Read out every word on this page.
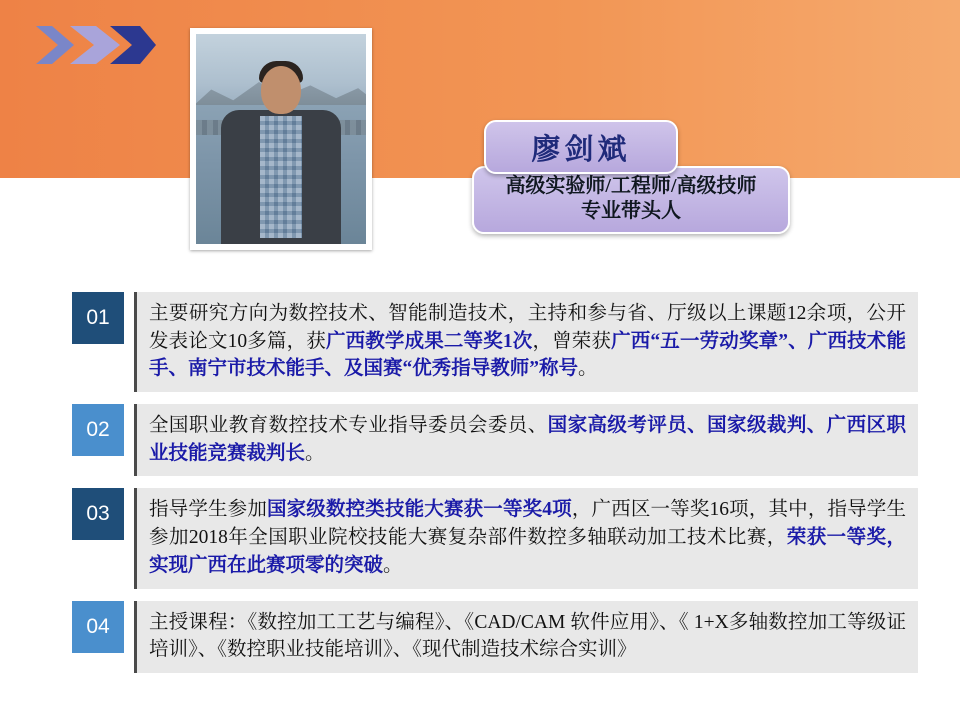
廖剑斌
高级实验师/工程师/高级技师
专业带头人
01	主要研究方向为数控技术、智能制造技术，主持和参与省、厅级以上课题12余项，公开发表论文10多篇，获广西教学成果二等奖1次，曾荣获广西“五一劳动奖章”、广西技术能手、南宁市技术能手、及国赛“优秀指导教师”称号。
02	全国职业教育数控技术专业指导委员会委员、国家高级考评员、国家级裁判、广西区职业技能竞赛裁判长。
03	指导学生参加国家级数控类技能大赛获一等奖4项，广西区一等奖16项，其中，指导学生参加2018年全国职业院校技能大赛复杂部件数控多轴联动加工技术比赛，荣获一等奖，实现广西在此赛项零的突破。
04	主授课程：《数控加工工艺与编程》、《CAD/CAM 软件应用》、《 1+X多轴数控加工等级证培训》、《数控职业技能培训》、《现代制造技术综合实训》
